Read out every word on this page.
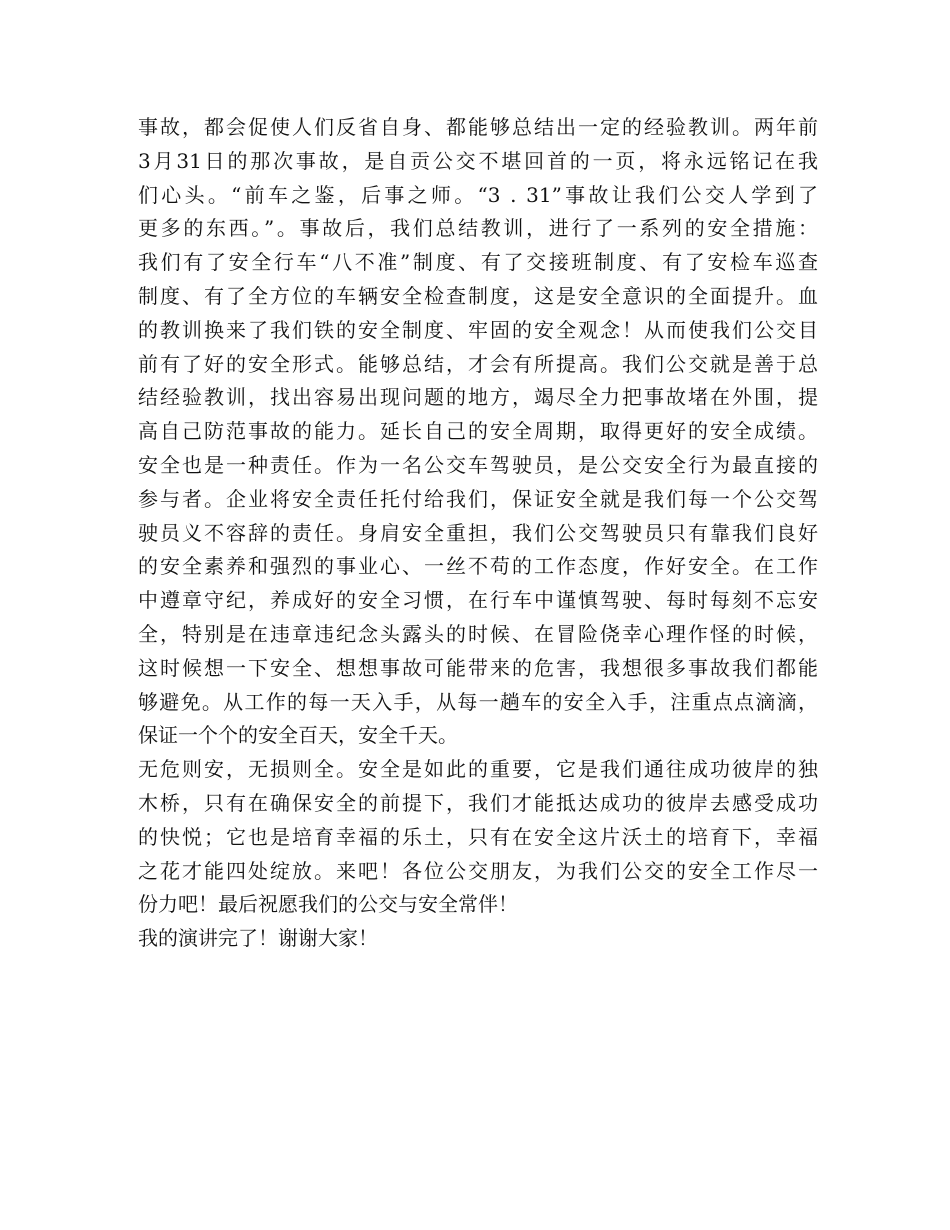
事故，都会促使人们反省自身、都能够总结出一定的经验教训。两年前
3月31日的那次事故，是自贡公交不堪回首的一页，将永远铭记在我
们心头。“前车之鉴，后事之师。“3 . 31”事故让我们公交人学到了
更多的东西。”。事故后，我们总结教训，进行了一系列的安全措施：
我们有了安全行车“八不准”制度、有了交接班制度、有了安检车巡查
制度、有了全方位的车辆安全检查制度，这是安全意识的全面提升。血
的教训换来了我们铁的安全制度、牢固的安全观念！从而使我们公交目
前有了好的安全形式。能够总结，才会有所提高。我们公交就是善于总
结经验教训，找出容易出现问题的地方，竭尽全力把事故堵在外围，提
高自己防范事故的能力。延长自己的安全周期，取得更好的安全成绩。
安全也是一种责任。作为一名公交车驾驶员，是公交安全行为最直接的
参与者。企业将安全责任托付给我们，保证安全就是我们每一个公交驾
驶员义不容辞的责任。身肩安全重担，我们公交驾驶员只有靠我们良好
的安全素养和强烈的事业心、一丝不苟的工作态度，作好安全。在工作
中遵章守纪，养成好的安全习惯，在行车中谨慎驾驶、每时每刻不忘安
全，特别是在违章违纪念头露头的时候、在冒险侥幸心理作怪的时候，
这时候想一下安全、想想事故可能带来的危害，我想很多事故我们都能
够避免。从工作的每一天入手，从每一趟车的安全入手，注重点点滴滴，
保证一个个的安全百天，安全千天。
无危则安，无损则全。安全是如此的重要，它是我们通往成功彼岸的独
木桥，只有在确保安全的前提下，我们才能抵达成功的彼岸去感受成功
的快悦；它也是培育幸福的乐土，只有在安全这片沃土的培育下，幸福
之花才能四处绽放。来吧！各位公交朋友，为我们公交的安全工作尽一
份力吧！最后祝愿我们的公交与安全常伴！
我的演讲完了！谢谢大家！
